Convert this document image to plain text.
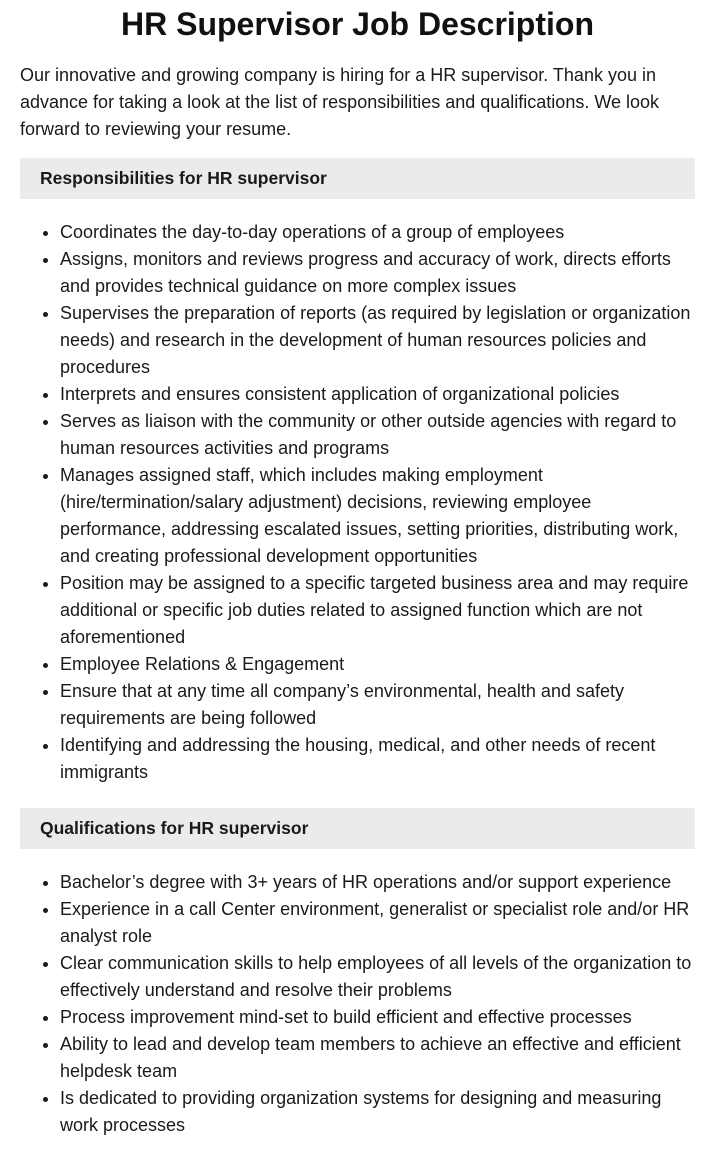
HR Supervisor Job Description

Our innovative and growing company is hiring for a HR supervisor. Thank you in advance for taking a look at the list of responsibilities and qualifications. We look forward to reviewing your resume.

Responsibilities for HR supervisor
• Coordinates the day-to-day operations of a group of employees
• Assigns, monitors and reviews progress and accuracy of work, directs efforts and provides technical guidance on more complex issues
• Supervises the preparation of reports (as required by legislation or organization needs) and research in the development of human resources policies and procedures
• Interprets and ensures consistent application of organizational policies
• Serves as liaison with the community or other outside agencies with regard to human resources activities and programs
• Manages assigned staff, which includes making employment (hire/termination/salary adjustment) decisions, reviewing employee performance, addressing escalated issues, setting priorities, distributing work, and creating professional development opportunities
• Position may be assigned to a specific targeted business area and may require additional or specific job duties related to assigned function which are not aforementioned
• Employee Relations & Engagement
• Ensure that at any time all company’s environmental, health and safety requirements are being followed
• Identifying and addressing the housing, medical, and other needs of recent immigrants
Qualifications for HR supervisor
• Bachelor’s degree with 3+ years of HR operations and/or support experience
• Experience in a call Center environment, generalist or specialist role and/or HR analyst role
• Clear communication skills to help employees of all levels of the organization to effectively understand and resolve their problems
• Process improvement mind-set to build efficient and effective processes
• Ability to lead and develop team members to achieve an effective and efficient helpdesk team
• Is dedicated to providing organization systems for designing and measuring work processes
